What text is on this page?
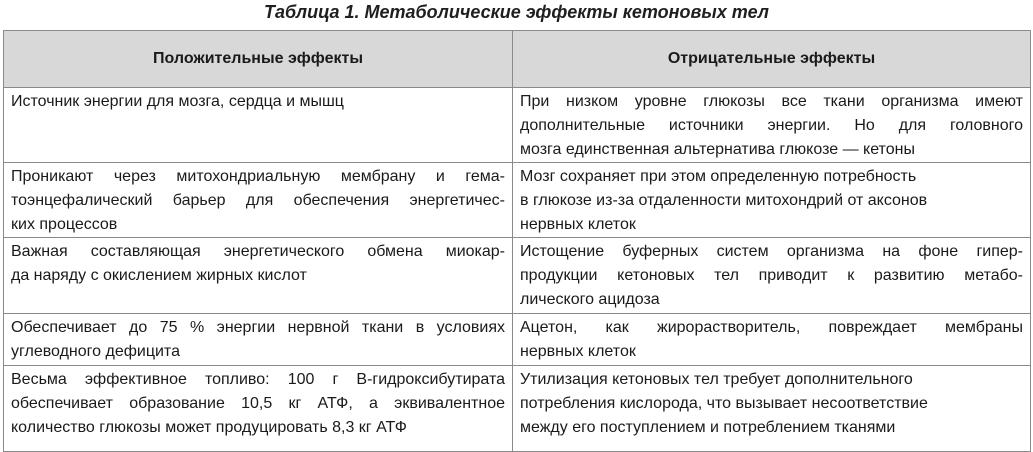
Таблица 1. Метаболические эффекты кетоновых тел
Положительные эффекты	Отрицательные эффекты

Источник энергии для мозга, сердца и мышц	При низком уровне глюкозы все ткани организма имеют
дополнительные источники энергии. Но для головного
мозга единственная альтернатива глюкозе — кетоны

Проникают через митохондриальную мембрану и гема-
тоэнцефалический барьер для обеспечения энергетичес-
ких процессов	Мозг сохраняет при этом определенную потребность
в глюкозе из-за отдаленности митохондрий от аксонов
нервных клеток

Важная составляющая энергетического обмена миокар-
да наряду с окислением жирных кислот	Истощение буферных систем организма на фоне гипер-
продукции кетоновых тел приводит к развитию метабо-
лического ацидоза

Обеспечивает до 75 % энергии нервной ткани в условиях
углеводного дефицита	Ацетон, как жирорастворитель, повреждает мембраны
нервных клеток

Весьма эффективное топливо: 100 г B-гидроксибутирата
обеспечивает образование 10,5 кг АТФ, а эквивалентное
количество глюкозы может продуцировать 8,3 кг АТФ	Утилизация кетоновых тел требует дополнительного
потребления кислорода, что вызывает несоответствие
между его поступлением и потреблением тканями
